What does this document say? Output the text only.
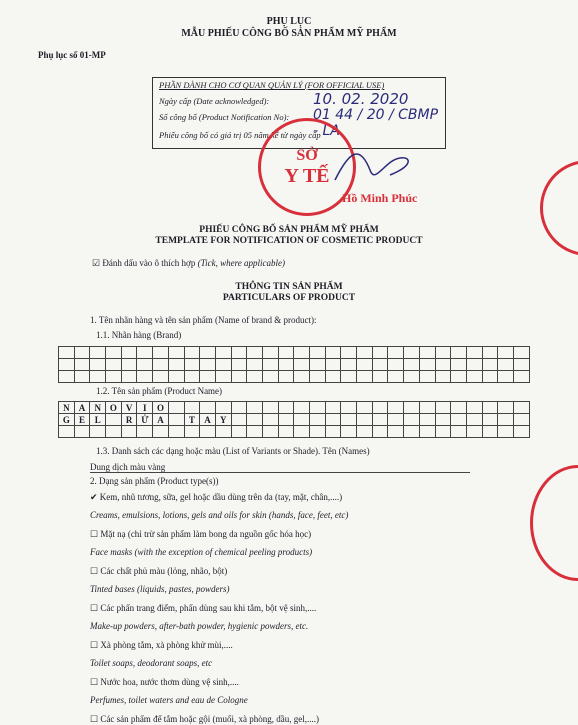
PHỤ LỤC
MẪU PHIẾU CÔNG BỐ SẢN PHẨM MỸ PHẨM
Phụ lục số 01-MP
PHẦN DÀNH CHO CƠ QUAN QUẢN LÝ (FOR OFFICIAL USE)
Ngày cấp (Date acknowledged):	10. 02. 2020
Số công bố (Product Notification No): 01 44 / 20 / CBMP - LA
Phiếu công bố có giá trị 05 năm kể từ ngày cấp
SỞ
Y TẾ
Hồ Minh Phúc
PHIẾU CÔNG BỐ SẢN PHẨM MỸ PHẨM
TEMPLATE FOR NOTIFICATION OF COSMETIC PRODUCT
☑ Đánh dấu vào ô thích hợp (Tick, where applicable)
THÔNG TIN SẢN PHẨM
PARTICULARS OF PRODUCT
1. Tên nhãn hàng và tên sản phẩm (Name of brand & product):
1.1. Nhãn hàng (Brand)

1.2. Tên sản phẩm (Product Name)
N	A	N	O	V	I	O																							
G	E	L		R	Ử	A		T	A	Y																			

1.3. Danh sách các dạng hoặc màu (List of Variants or Shade). Tên (Names)
Dung dịch màu vàng
2. Dạng sản phẩm (Product type(s))
✔ Kem, nhũ tương, sữa, gel hoặc dầu dùng trên da (tay, mặt, chân,....)
Creams, emulsions, lotions, gels and oils for skin (hands, face, feet, etc)
☐ Mặt nạ (chỉ trừ sản phẩm làm bong da nguồn gốc hóa học)
Face masks (with the exception of chemical peeling products)
☐ Các chất phủ màu (lỏng, nhão, bột)
Tinted bases (liquids, pastes, powders)
☐ Các phấn trang điểm, phấn dùng sau khi tắm, bột vệ sinh,....
Make-up powders, after-bath powder, hygienic powders, etc.
☐ Xà phòng tắm, xà phòng khử mùi,....
Toilet soaps, deodorant soaps, etc
☐ Nước hoa, nước thơm dùng vệ sinh,....
Perfumes, toilet waters and eau de Cologne
☐ Các sản phẩm để tắm hoặc gội (muối, xà phòng, dầu, gel,....)
